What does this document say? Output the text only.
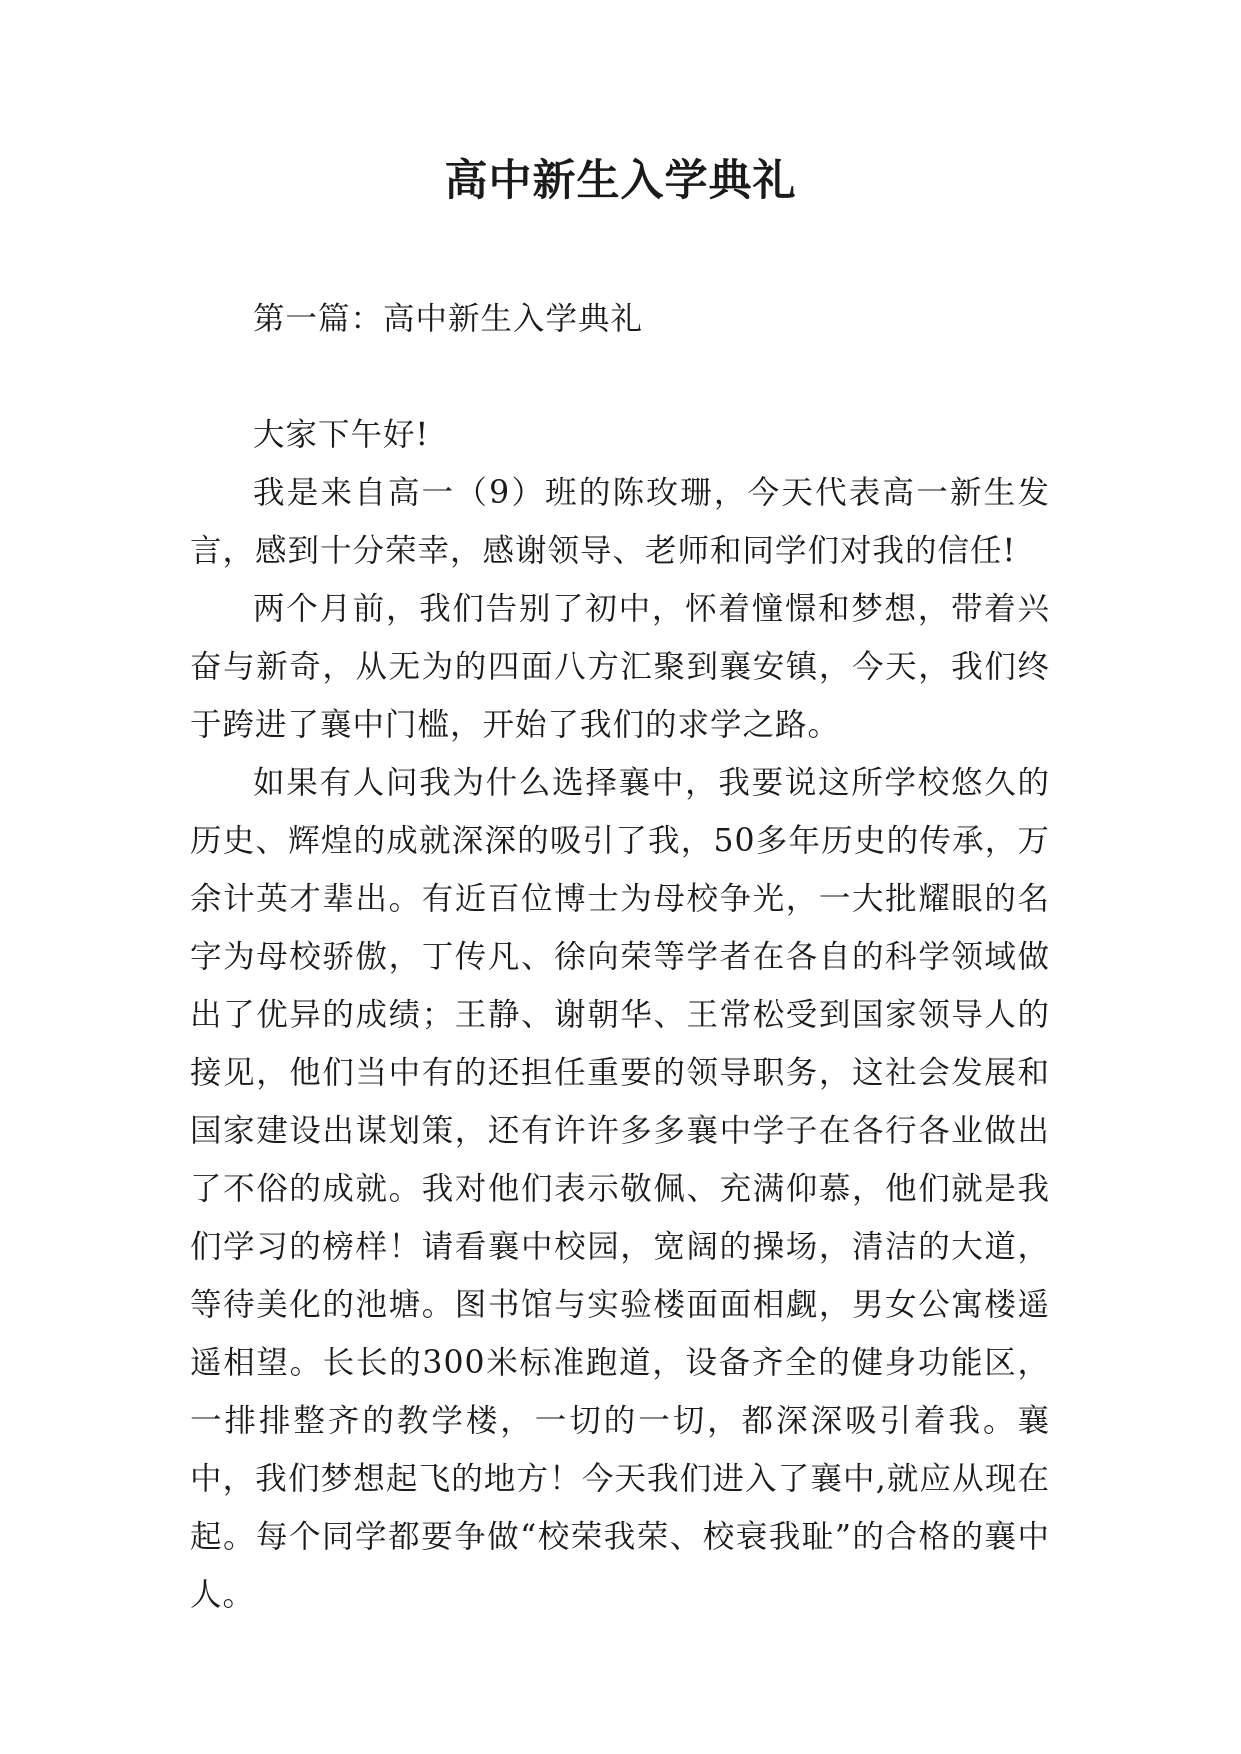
高中新生入学典礼

第一篇：高中新生入学典礼

大家下午好!

我是来自高一（9）班的陈玫珊，今天代表高一新生发言，感到十分荣幸，感谢领导、老师和同学们对我的信任!

两个月前，我们告别了初中，怀着憧憬和梦想，带着兴奋与新奇，从无为的四面八方汇聚到襄安镇，今天，我们终于跨进了襄中门槛，开始了我们的求学之路。

如果有人问我为什么选择襄中，我要说这所学校悠久的历史、辉煌的成就深深的吸引了我，50多年历史的传承，万余计英才辈出。有近百位博士为母校争光，一大批耀眼的名字为母校骄傲，丁传凡、徐向荣等学者在各自的科学领域做出了优异的成绩；王静、谢朝华、王常松受到国家领导人的接见，他们当中有的还担任重要的领导职务，这社会发展和国家建设出谋划策，还有许许多多襄中学子在各行各业做出了不俗的成就。我对他们表示敬佩、充满仰慕，他们就是我们学习的榜样！请看襄中校园，宽阔的操场，清洁的大道，等待美化的池塘。图书馆与实验楼面面相觑，男女公寓楼遥遥相望。长长的300米标准跑道，设备齐全的健身功能区，一排排整齐的教学楼，一切的一切，都深深吸引着我。襄中，我们梦想起飞的地方！今天我们进入了襄中,就应从现在起。每个同学都要争做“校荣我荣、校衰我耻”的合格的襄中人。
